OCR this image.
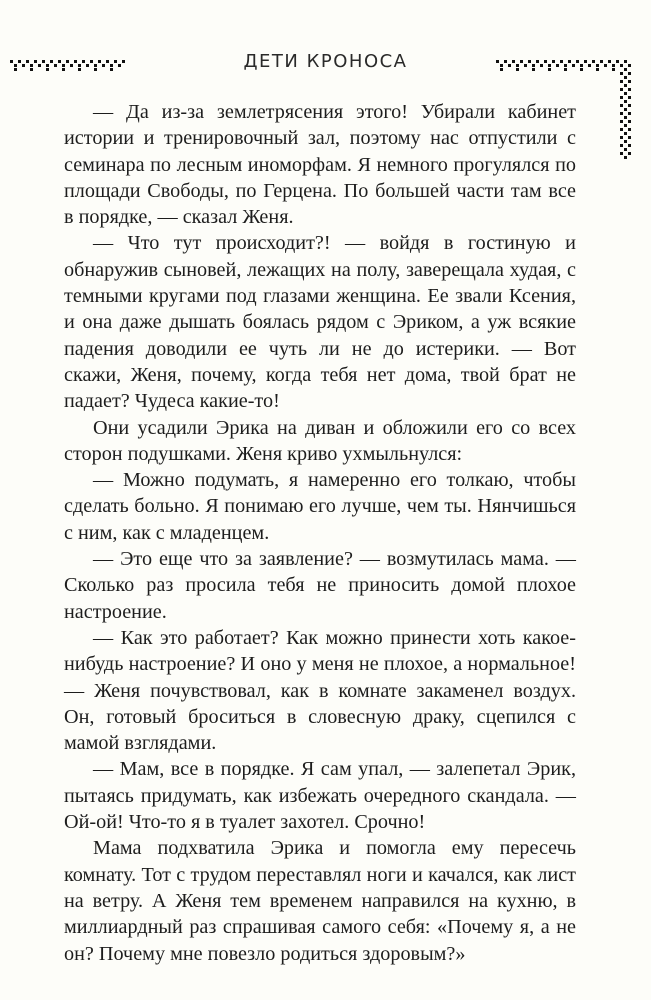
ДЕТИ КРОНОСА

— Да из-за землетрясения этого! Убирали кабинет истории и тренировочный зал, поэтому нас отпустили с семинара по лесным иноморфам. Я немного прогулялся по площади Свободы, по Герцена. По большей части там все в порядке, — сказал Женя.

— Что тут происходит?! — войдя в гостиную и обнаружив сыновей, лежащих на полу, заверещала худая, с темными кругами под глазами женщина. Ее звали Ксения, и она даже дышать боялась рядом с Эриком, а уж всякие падения доводили ее чуть ли не до истерики. — Вот скажи, Женя, почему, когда тебя нет дома, твой брат не падает? Чудеса какие-то!

Они усадили Эрика на диван и обложили его со всех сторон подушками. Женя криво ухмыльнулся:

— Можно подумать, я намеренно его толкаю, чтобы сделать больно. Я понимаю его лучше, чем ты. Нянчишься с ним, как с младенцем.

— Это еще что за заявление? — возмутилась мама. — Сколько раз просила тебя не приносить домой плохое настроение.

— Как это работает? Как можно принести хоть какое-нибудь настроение? И оно у меня не плохое, а нормальное! — Женя почувствовал, как в комнате закаменел воздух. Он, готовый броситься в словесную драку, сцепился с мамой взглядами.

— Мам, все в порядке. Я сам упал, — залепетал Эрик, пытаясь придумать, как избежать очередного скандала. — Ой-ой! Что-то я в туалет захотел. Срочно!

Мама подхватила Эрика и помогла ему пересечь комнату. Тот с трудом переставлял ноги и качался, как лист на ветру. А Женя тем временем направился на кухню, в миллиардный раз спрашивая самого себя: «Почему я, а не он? Почему мне повезло родиться здоровым?»
